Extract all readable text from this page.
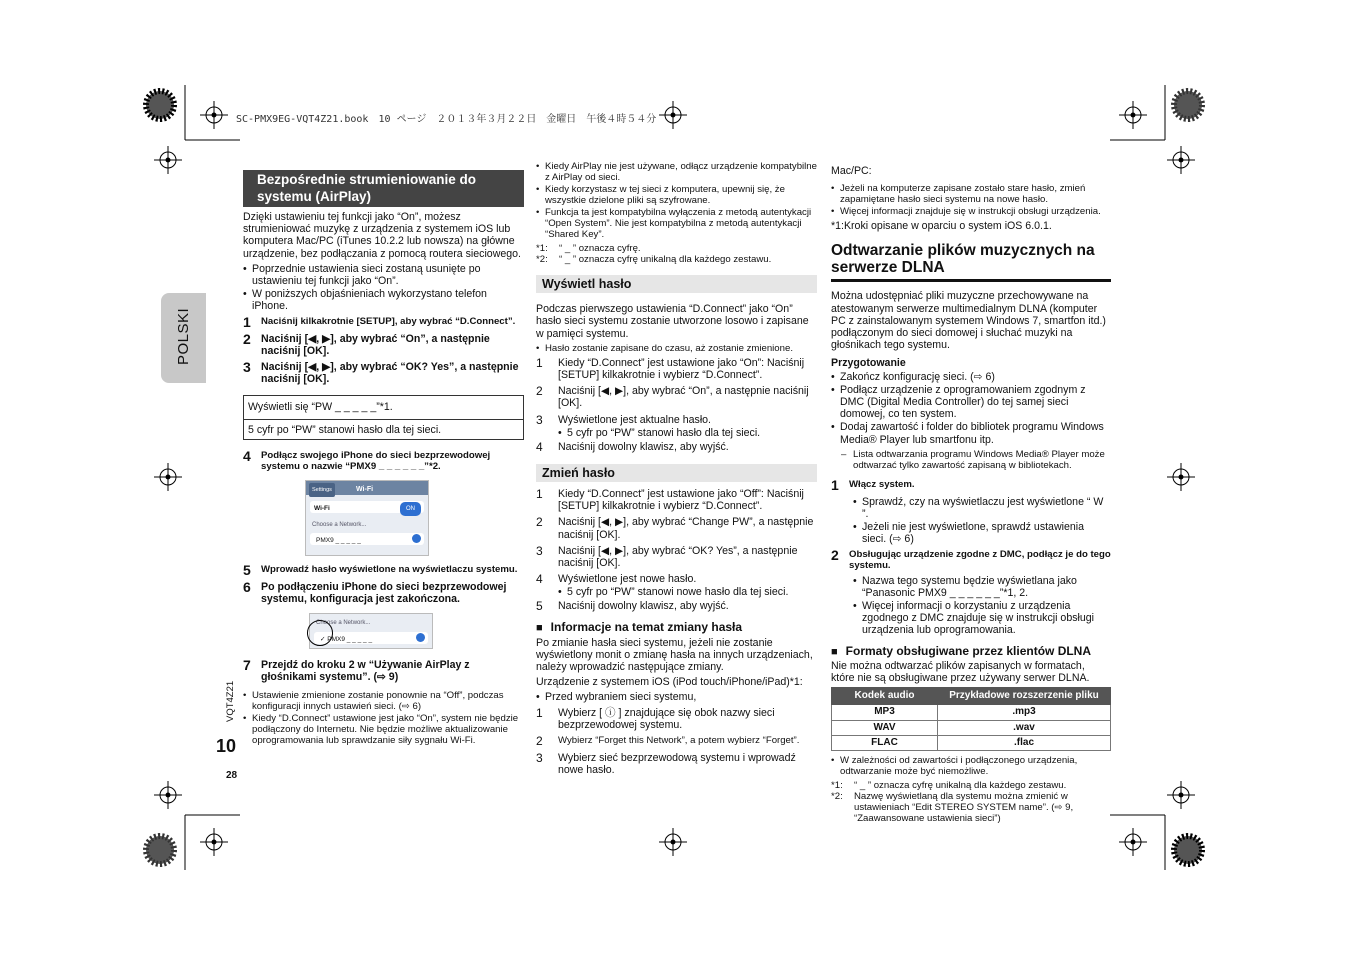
SC-PMX9EG-VQT4Z21.book　10 ページ　２０１３年３月２２日　金曜日　午後４時５４分
POLSKI
VQT4Z21
10
28
Bezpośrednie strumieniowanie do systemu (AirPlay)

Dzięki ustawieniu tej funkcji jako “On”, możesz strumieniować muzykę z urządzenia z systemem iOS lub komputera Mac/PC (iTunes 10.2.2 lub nowsza) na główne urządzenie, bez podłączania z pomocą routera sieciowego.

• Poprzednie ustawienia sieci zostaną usunięte po ustawieniu tej funkcji jako “On”.
• W poniższych objaśnieniach wykorzystano telefon iPhone.
1	Naciśnij kilkakrotnie [SETUP], aby wybrać “D.Connect”.
2 Naciśnij [◀, ▶], aby wybrać “On”, a następnie naciśnij [OK].
3 Naciśnij [◀, ▶], aby wybrać “OK? Yes”, a następnie naciśnij [OK].
Wyświetli się “PW _ _ _ _ _”*1.
5 cyfr po “PW” stanowi hasło dla tej sieci.
4	Podłącz swojego iPhone do sieci bezprzewodowej systemu o nazwie “PMX9 _ _ _ _ _ _”*2.
Settings	Wi-Fi
Wi-Fi	ON
Choose a Network...
PMX9 _ _ _ _ _
5	Wprowadź hasło wyświetlone na wyświetlaczu systemu.
6 Po podłączeniu iPhone do sieci bezprzewodowej systemu, konfiguracja jest zakończona.
Choose a Network...
✓ PMX9 _ _ _ _ _
7 Przejdź do kroku 2 w “Używanie AirPlay z głośnikami systemu”. (⇨ 9)
• Ustawienie zmienione zostanie ponownie na “Off”, podczas konfiguracji innych ustawień sieci. (⇨ 6)
• Kiedy “D.Connect” ustawione jest jako “On”, system nie będzie podłączony do Internetu. Nie będzie możliwe aktualizowanie oprogramowania lub sprawdzanie siły sygnału Wi-Fi.
• Kiedy AirPlay nie jest używane, odłącz urządzenie kompatybilne z AirPlay od sieci.
• Kiedy korzystasz w tej sieci z komputera, upewnij się, że wszystkie dzielone pliki są szyfrowane.
• Funkcja ta jest kompatybilna wyłączenia z metodą autentykacji “Open System”. Nie jest kompatybilna z metodą autentykacji “Shared Key”.
*1:	“ _ ” oznacza cyfrę.
*2:	“ _ ” oznacza cyfrę unikalną dla każdego zestawu.
Wyświetl hasło

Podczas pierwszego ustawienia “D.Connect” jako “On” hasło sieci systemu zostanie utworzone losowo i zapisane w pamięci systemu.

• Hasło zostanie zapisane do czasu, aż zostanie zmienione.
1	Kiedy “D.Connect” jest ustawione jako “On”: Naciśnij [SETUP] kilkakrotnie i wybierz “D.Connect”.
2	Naciśnij [◀, ▶], aby wybrać “On”, a następnie naciśnij [OK].
3	Wyświetlone jest aktualne hasło.
• 5 cyfr po “PW” stanowi hasło dla tej sieci.
4	Naciśnij dowolny klawisz, aby wyjść.
Zmień hasło
1	Kiedy “D.Connect” jest ustawione jako “Off”: Naciśnij [SETUP] kilkakrotnie i wybierz “D.Connect”.
2	Naciśnij [◀, ▶], aby wybrać “Change PW”, a następnie naciśnij [OK].
3	Naciśnij [◀, ▶], aby wybrać “OK? Yes”, a następnie naciśnij [OK].
4	Wyświetlone jest nowe hasło.
• 5 cyfr po “PW” stanowi nowe hasło dla tej sieci.
5	Naciśnij dowolny klawisz, aby wyjść.
■ Informacje na temat zmiany hasła

Po zmianie hasła sieci systemu, jeżeli nie zostanie wyświetlony monit o zmianę hasła na innych urządzeniach, należy wprowadzić następujące zmiany.

Urządzenie z systemem iOS (iPod touch/iPhone/iPad)*1:

• Przed wybraniem sieci systemu,
1	Wybierz [ ⓘ ] znajdujące się obok nazwy sieci bezprzewodowej systemu.
2	Wybierz “Forget this Network”, a potem wybierz “Forget”.
3	Wybierz sieć bezprzewodową systemu i wprowadź nowe hasło.

Mac/PC:

• Jeżeli na komputerze zapisane zostało stare hasło, zmień zapamiętane hasło sieci systemu na nowe hasło.
• Więcej informacji znajduje się w instrukcji obsługi urządzenia.

*1:Kroki opisane w oparciu o system iOS 6.0.1.

Odtwarzanie plików muzycznych na serwerze DLNA

Można udostępniać pliki muzyczne przechowywane na atestowanym serwerze multimedialnym DLNA (komputer PC z zainstalowanym systemem Windows 7, smartfon itd.) podłączonym do sieci domowej i słuchać muzyki na głośnikach tego systemu.

Przygotowanie

• Zakończ konfigurację sieci. (⇨ 6)
• Podłącz urządzenie z oprogramowaniem zgodnym z DMC (Digital Media Controller) do tej samej sieci domowej, co ten system.
• Dodaj zawartość i folder do bibliotek programu Windows Media® Player lub smartfonu itp.
– Lista odtwarzania programu Windows Media® Player może odtwarzać tylko zawartość zapisaną w bibliotekach.
1	Włącz system.
• Sprawdź, czy na wyświetlaczu jest wyświetlone “ W ”.
• Jeżeli nie jest wyświetlone, sprawdź ustawienia sieci. (⇨ 6)
2	Obsługując urządzenie zgodne z DMC, podłącz je do tego systemu.
• Nazwa tego systemu będzie wyświetlana jako “Panasonic PMX9 _ _ _ _ _ _”*1, 2.
• Więcej informacji o korzystaniu z urządzenia zgodnego z DMC znajduje się w instrukcji obsługi urządzenia lub oprogramowania.
■ Formaty obsługiwane przez klientów DLNA

Nie można odtwarzać plików zapisanych w formatach, które nie są obsługiwane przez używany serwer DLNA.

Kodek audio	Przykładowe rozszerzenie pliku
MP3	.mp3
WAV	.wav
FLAC	.flac
• W zależności od zawartości i podłączonego urządzenia, odtwarzanie może być niemożliwe.
*1:	“ _ ” oznacza cyfrę unikalną dla każdego zestawu.
*2:	Nazwę wyświetlaną dla systemu można zmienić w ustawieniach “Edit STEREO SYSTEM name”. (⇨ 9, “Zaawansowane ustawienia sieci”)
